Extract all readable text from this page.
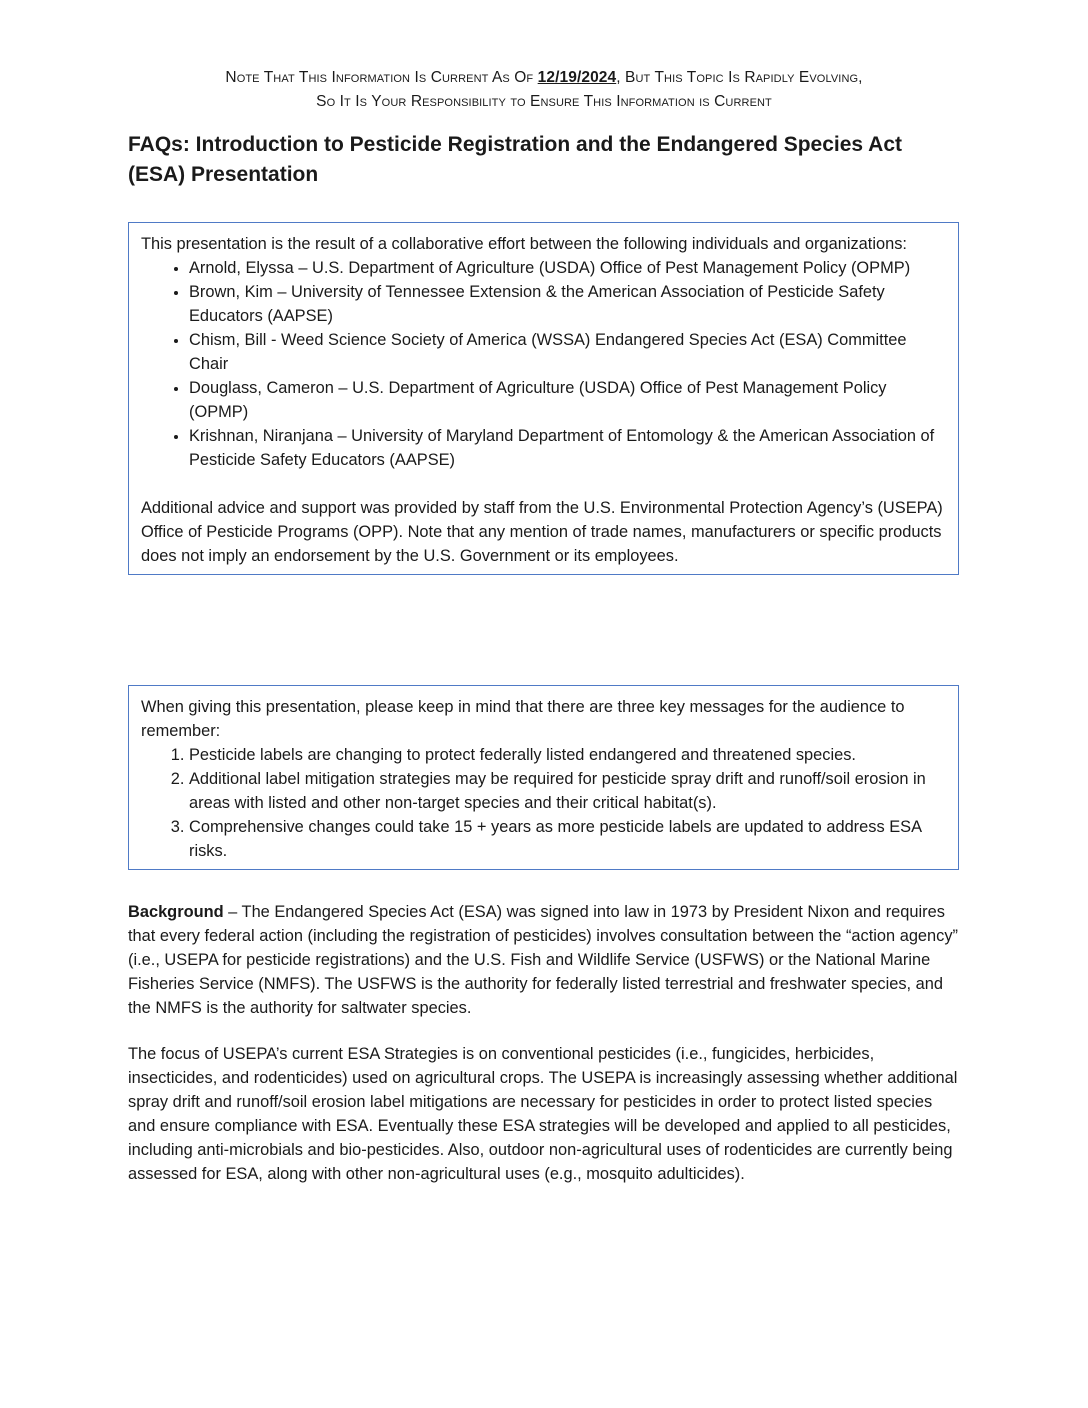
Note That This Information Is Current As Of 12/19/2024, But This Topic Is Rapidly Evolving,
So It Is Your Responsibility to Ensure This Information is Current
FAQs: Introduction to Pesticide Registration and the Endangered Species Act (ESA) Presentation

This presentation is the result of a collaborative effort between the following individuals and organizations:

• Arnold, Elyssa – U.S. Department of Agriculture (USDA) Office of Pest Management Policy (OPMP)
• Brown, Kim – University of Tennessee Extension & the American Association of Pesticide Safety Educators (AAPSE)
• Chism, Bill - Weed Science Society of America (WSSA) Endangered Species Act (ESA) Committee Chair
• Douglass, Cameron – U.S. Department of Agriculture (USDA) Office of Pest Management Policy (OPMP)
• Krishnan, Niranjana – University of Maryland Department of Entomology & the American Association of Pesticide Safety Educators (AAPSE)

Additional advice and support was provided by staff from the U.S. Environmental Protection Agency’s (USEPA) Office of Pesticide Programs (OPP). Note that any mention of trade names, manufacturers or specific products does not imply an endorsement by the U.S. Government or its employees.

When giving this presentation, please keep in mind that there are three key messages for the audience to remember:

1. Pesticide labels are changing to protect federally listed endangered and threatened species.
2. Additional label mitigation strategies may be required for pesticide spray drift and runoff/soil erosion in areas with listed and other non-target species and their critical habitat(s).
3. Comprehensive changes could take 15 + years as more pesticide labels are updated to address ESA risks.

Background – The Endangered Species Act (ESA) was signed into law in 1973 by President Nixon and requires that every federal action (including the registration of pesticides) involves consultation between the “action agency” (i.e., USEPA for pesticide registrations) and the U.S. Fish and Wildlife Service (USFWS) or the National Marine Fisheries Service (NMFS). The USFWS is the authority for federally listed terrestrial and freshwater species, and the NMFS is the authority for saltwater species.

The focus of USEPA’s current ESA Strategies is on conventional pesticides (i.e., fungicides, herbicides, insecticides, and rodenticides) used on agricultural crops. The USEPA is increasingly assessing whether additional spray drift and runoff/soil erosion label mitigations are necessary for pesticides in order to protect listed species and ensure compliance with ESA. Eventually these ESA strategies will be developed and applied to all pesticides, including anti-microbials and bio-pesticides. Also, outdoor non-agricultural uses of rodenticides are currently being assessed for ESA, along with other non-agricultural uses (e.g., mosquito adulticides).
